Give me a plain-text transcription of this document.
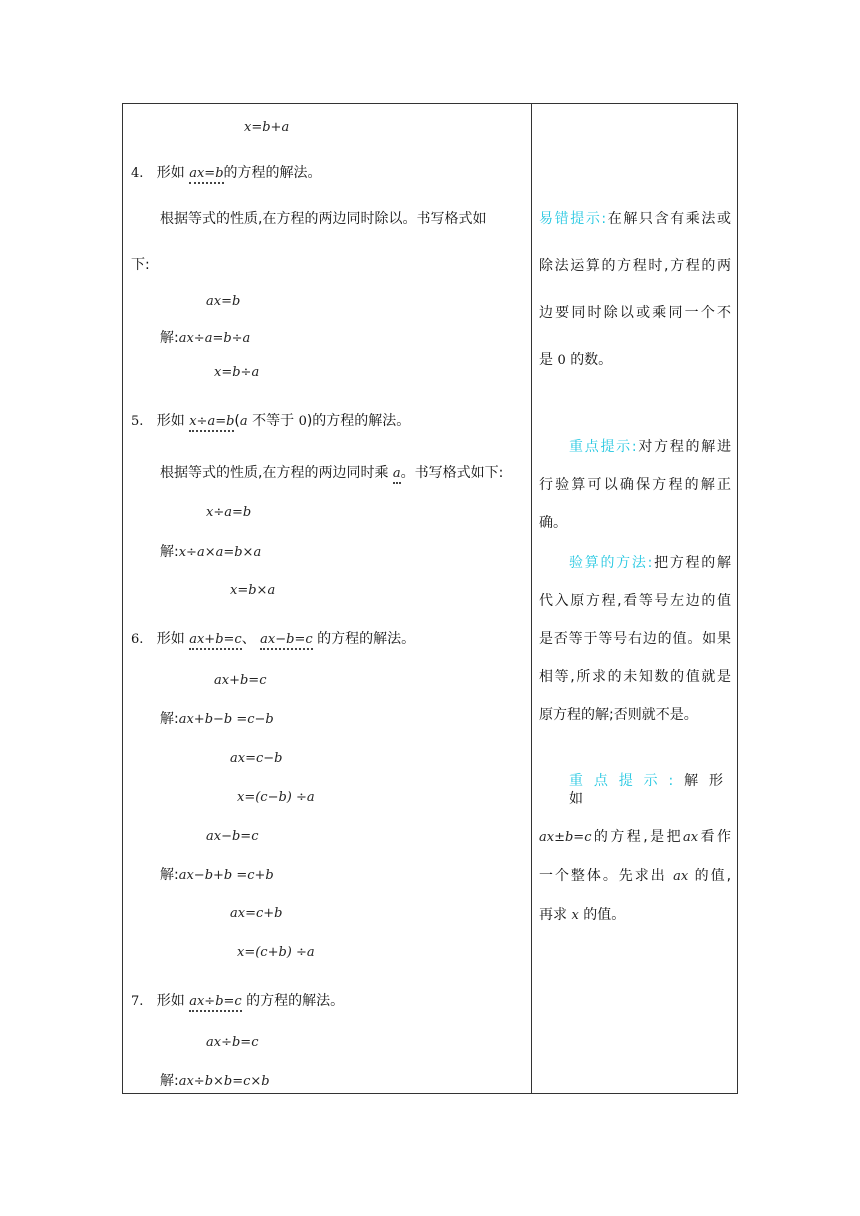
x=b+a
4. 形如 ax=b的方程的解法。
根据等式的性质,在方程的两边同时除以。书写格式如
下:
ax=b
解:ax÷a=b÷a
x=b÷a
5. 形如 x÷a=b(a 不等于 0)的方程的解法。
根据等式的性质,在方程的两边同时乘 a。书写格式如下:
x÷a=b
解:x÷a×a=b×a
x=b×a
6. 形如 ax+b=c、 ax−b=c 的方程的解法。
ax+b=c
解:ax+b−b =c−b
ax=c−b
x=(c−b) ÷a
ax−b=c
解:ax−b+b =c+b
ax=c+b
x=(c+b) ÷a
7. 形如 ax÷b=c 的方程的解法。
ax÷b=c
解:ax÷b×b=c×b
易错提示:在解只含有乘法或
除法运算的方程时,方程的两
边要同时除以或乘同一个不
是 0 的数。
重点提示:对方程的解进
行验算可以确保方程的解正
确。
验算的方法:把方程的解
代入原方程,看等号左边的值
是否等于等号右边的值。如果
相等,所求的未知数的值就是
原方程的解;否则就不是。
重点提示:解形如
ax±b=c的方程,是把ax看作
一个整体。先求出 ax 的值,
再求 x 的值。
